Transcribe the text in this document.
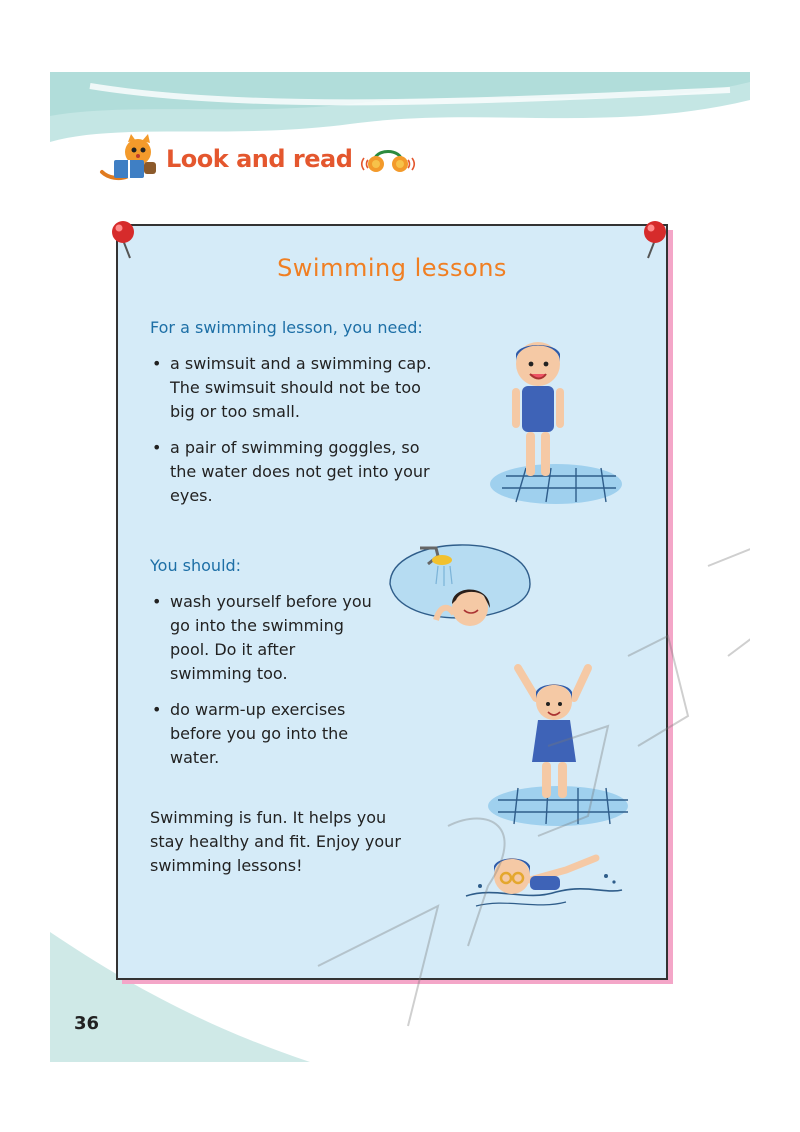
Look and read
Swimming lessons
For a swimming lesson, you need:
• a swimsuit and a swimming cap. The swimsuit should not be too big or too small.
• a pair of swimming goggles, so the water does not get into your eyes.
You should:
• wash yourself before you go into the swimming pool. Do it after swimming too.
• do warm-up exercises before you go into the water.
Swimming is fun. It helps you stay healthy and fit. Enjoy your swimming lessons!
36
